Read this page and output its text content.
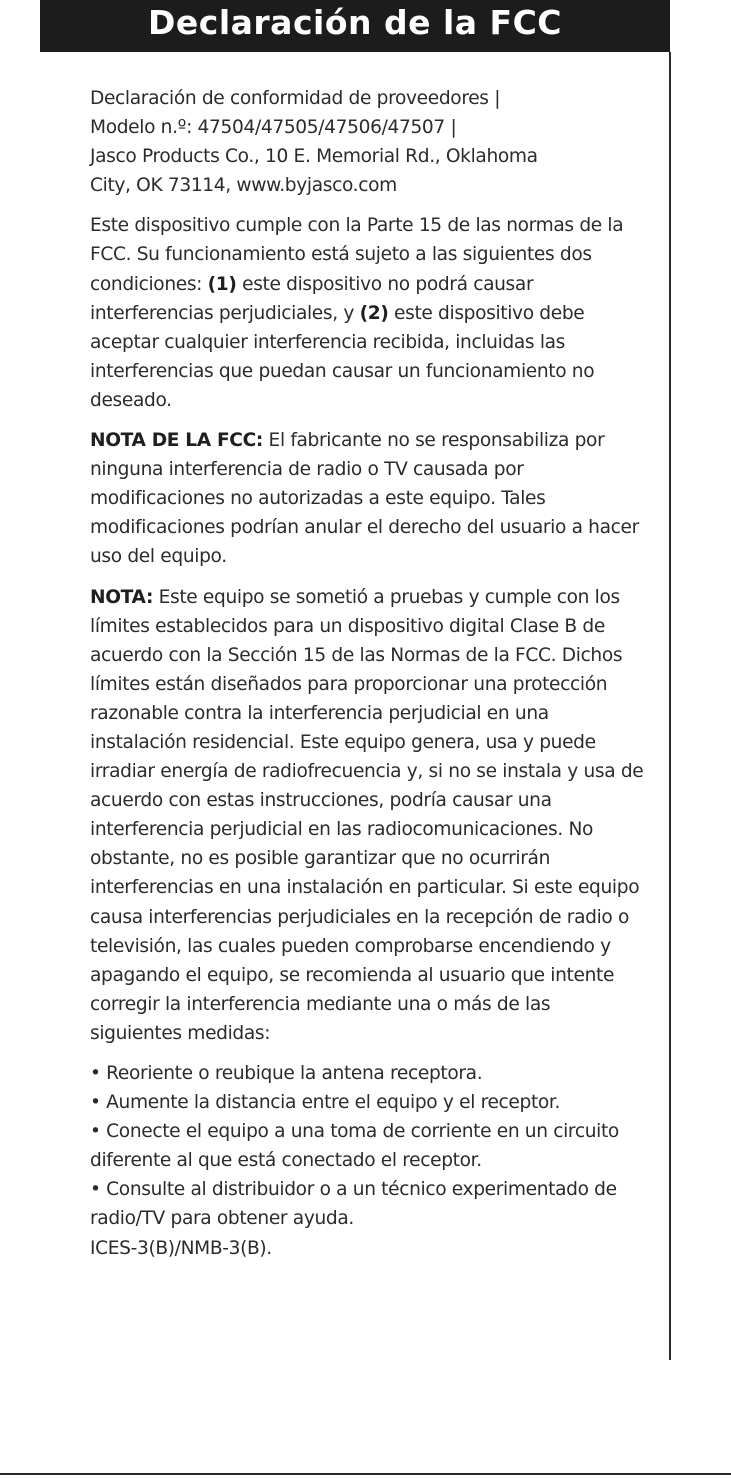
Declaración de la FCC

Declaración de conformidad de proveedores |
Modelo n.º: 47504/47505/47506/47507 |
Jasco Products Co., 10 E. Memorial Rd., Oklahoma
City, OK 73114, www.byjasco.com

Este dispositivo cumple con la Parte 15 de las normas de la FCC. Su funcionamiento está sujeto a las siguientes dos condiciones: (1) este dispositivo no podrá causar interferencias perjudiciales, y (2) este dispositivo debe aceptar cualquier interferencia recibida, incluidas las interferencias que puedan causar un funcionamiento no deseado.

NOTA DE LA FCC: El fabricante no se responsabiliza por ninguna interferencia de radio o TV causada por modificaciones no autorizadas a este equipo. Tales modificaciones podrían anular el derecho del usuario a hacer uso del equipo.

NOTA: Este equipo se sometió a pruebas y cumple con los límites establecidos para un dispositivo digital Clase B de acuerdo con la Sección 15 de las Normas de la FCC. Dichos límites están diseñados para proporcionar una protección razonable contra la interferencia perjudicial en una instalación residencial. Este equipo genera, usa y puede irradiar energía de radiofrecuencia y, si no se instala y usa de acuerdo con estas instrucciones, podría causar una interferencia perjudicial en las radiocomunicaciones. No obstante, no es posible garantizar que no ocurrirán interferencias en una instalación en particular. Si este equipo causa interferencias perjudiciales en la recepción de radio o televisión, las cuales pueden comprobarse encendiendo y apagando el equipo, se recomienda al usuario que intente corregir la interferencia mediante una o más de las siguientes medidas:

• Reoriente o reubique la antena receptora.
• Aumente la distancia entre el equipo y el receptor.
• Conecte el equipo a una toma de corriente en un circuito diferente al que está conectado el receptor.
• Consulte al distribuidor o a un técnico experimentado de radio/TV para obtener ayuda.
ICES-3(B)/NMB-3(B).
